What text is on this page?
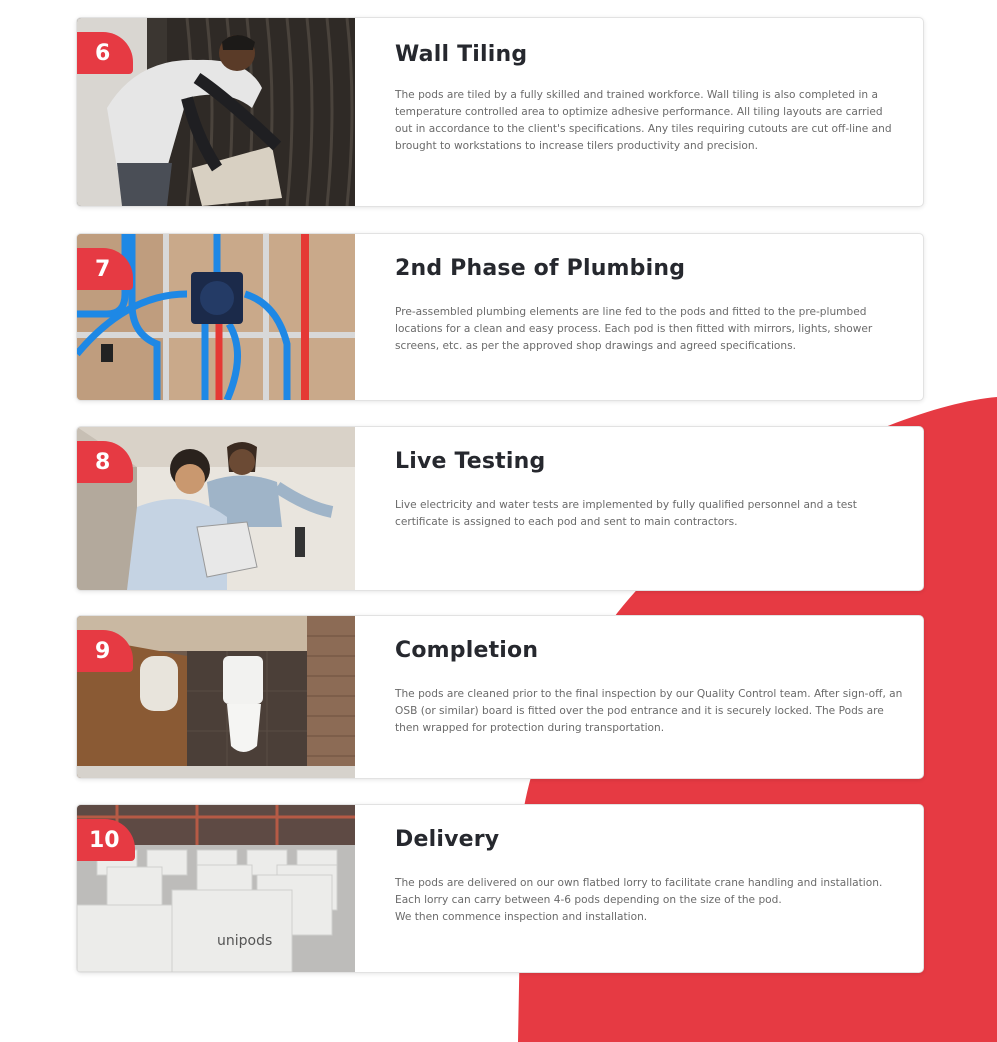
6	Wall Tiling

The pods are tiled by a fully skilled and trained workforce. Wall tiling is also completed in a temperature controlled area to optimize adhesive performance. All tiling layouts are carried out in accordance to the client's specifications. Any tiles requiring cutouts are cut off-line and brought to workstations to increase tilers productivity and precision.

7	2nd Phase of Plumbing

Pre-assembled plumbing elements are line fed to the pods and fitted to the pre-plumbed locations for a clean and easy process. Each pod is then fitted with mirrors, lights, shower screens, etc. as per the approved shop drawings and agreed specifications.

8	Live Testing

Live electricity and water tests are implemented by fully qualified personnel and a test certificate is assigned to each pod and sent to main contractors.

9	Completion

The pods are cleaned prior to the final inspection by our Quality Control team. After sign-off, an OSB (or similar) board is fitted over the pod entrance and it is securely locked. The Pods are then wrapped for protection during transportation.

unipods
10	Delivery

The pods are delivered on our own flatbed lorry to facilitate crane handling and installation. Each lorry can carry between 4-6 pods depending on the size of the pod.
We then commence inspection and installation.
